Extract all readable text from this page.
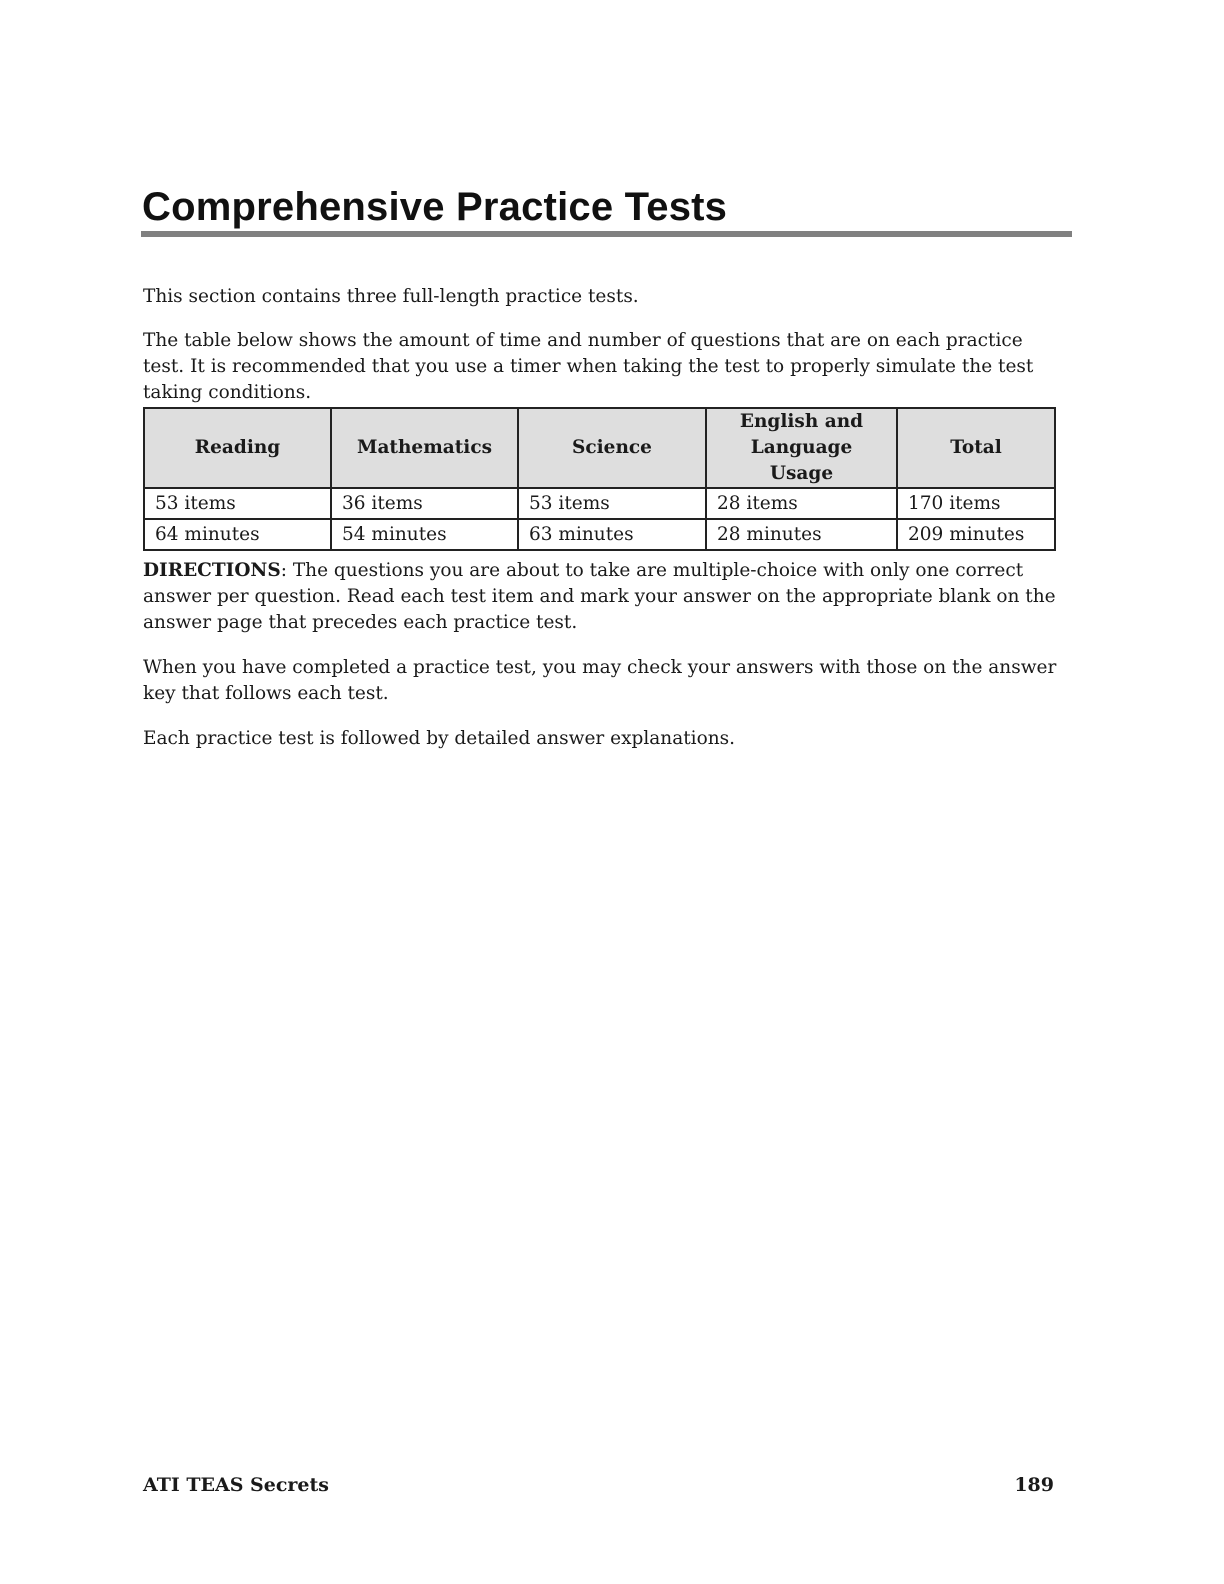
Comprehensive Practice Tests

This section contains three full-length practice tests.

The table below shows the amount of time and number of questions that are on each practice test. It is recommended that you use a timer when taking the test to properly simulate the test taking conditions.

Reading	Mathematics	Science	English and Language Usage	Total
53 items	36 items	53 items	28 items	170 items
64 minutes	54 minutes	63 minutes	28 minutes	209 minutes

DIRECTIONS: The questions you are about to take are multiple-choice with only one correct answer per question. Read each test item and mark your answer on the appropriate blank on the answer page that precedes each practice test.

When you have completed a practice test, you may check your answers with those on the answer key that follows each test.

Each practice test is followed by detailed answer explanations.

ATI TEAS Secrets	189
